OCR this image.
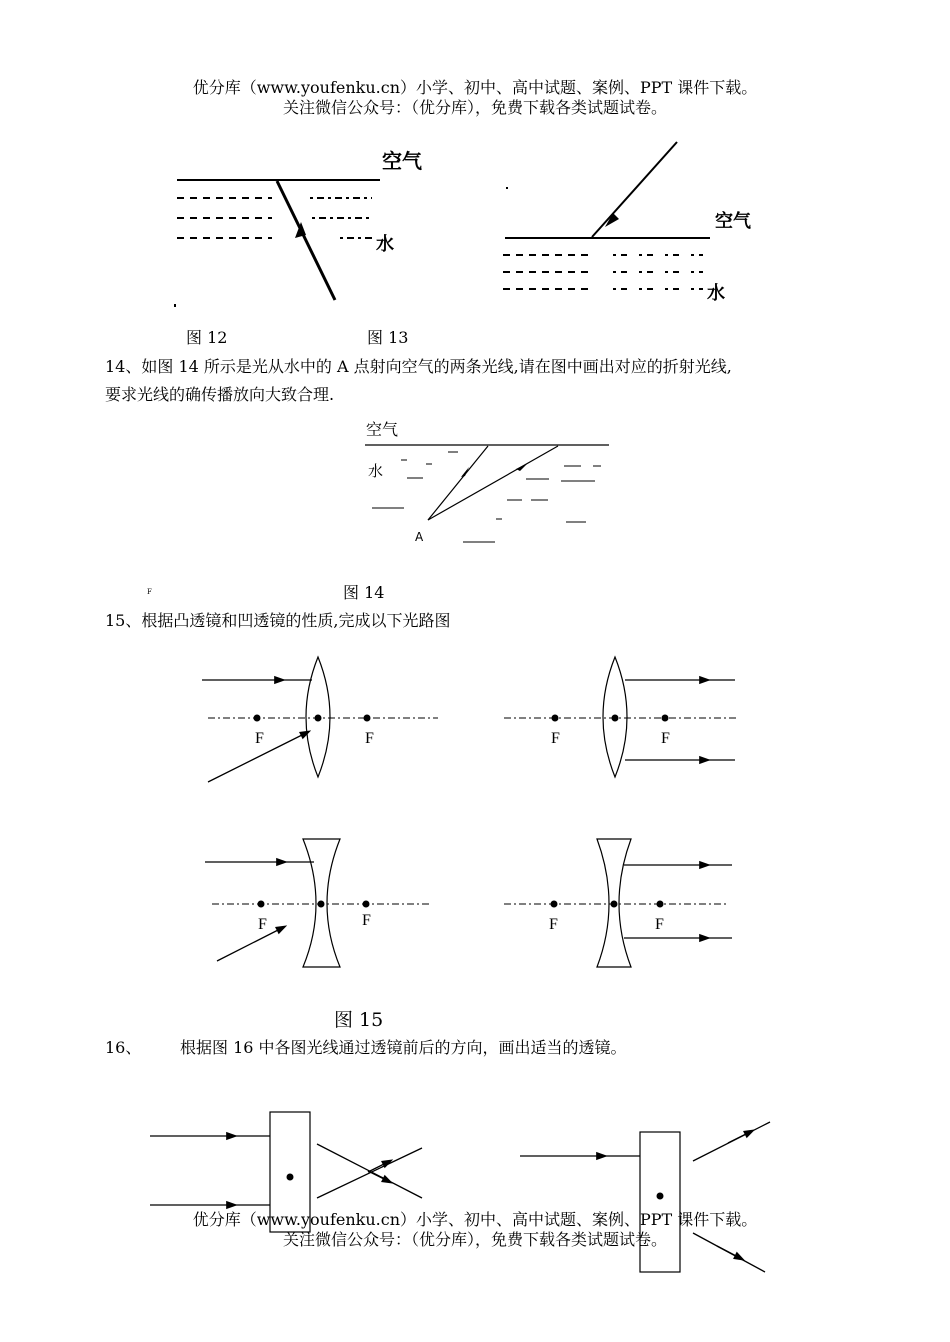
优分库（www.youfenku.cn）小学、初中、高中试题、案例、PPT 课件下载。
关注微信公众号：（优分库），免费下载各类试题试卷。
空气
水
图 12
空气
水
图 13
14、如图 14 所示是光从水中的 A 点射向空气的两条光线,请在图中画出对应的折射光线,
要求光线的确传播放向大致合理.
空气
水
A
F	图 14
15、根据凸透镜和凹透镜的性质,完成以下光路图
F	F	F	F
F	F	F	F
图 15
16、 根据图 16 中各图光线通过透镜前后的方向，画出适当的透镜。
优分库（www.youfenku.cn）小学、初中、高中试题、案例、PPT 课件下载。
关注微信公众号：（优分库），免费下载各类试题试卷。
